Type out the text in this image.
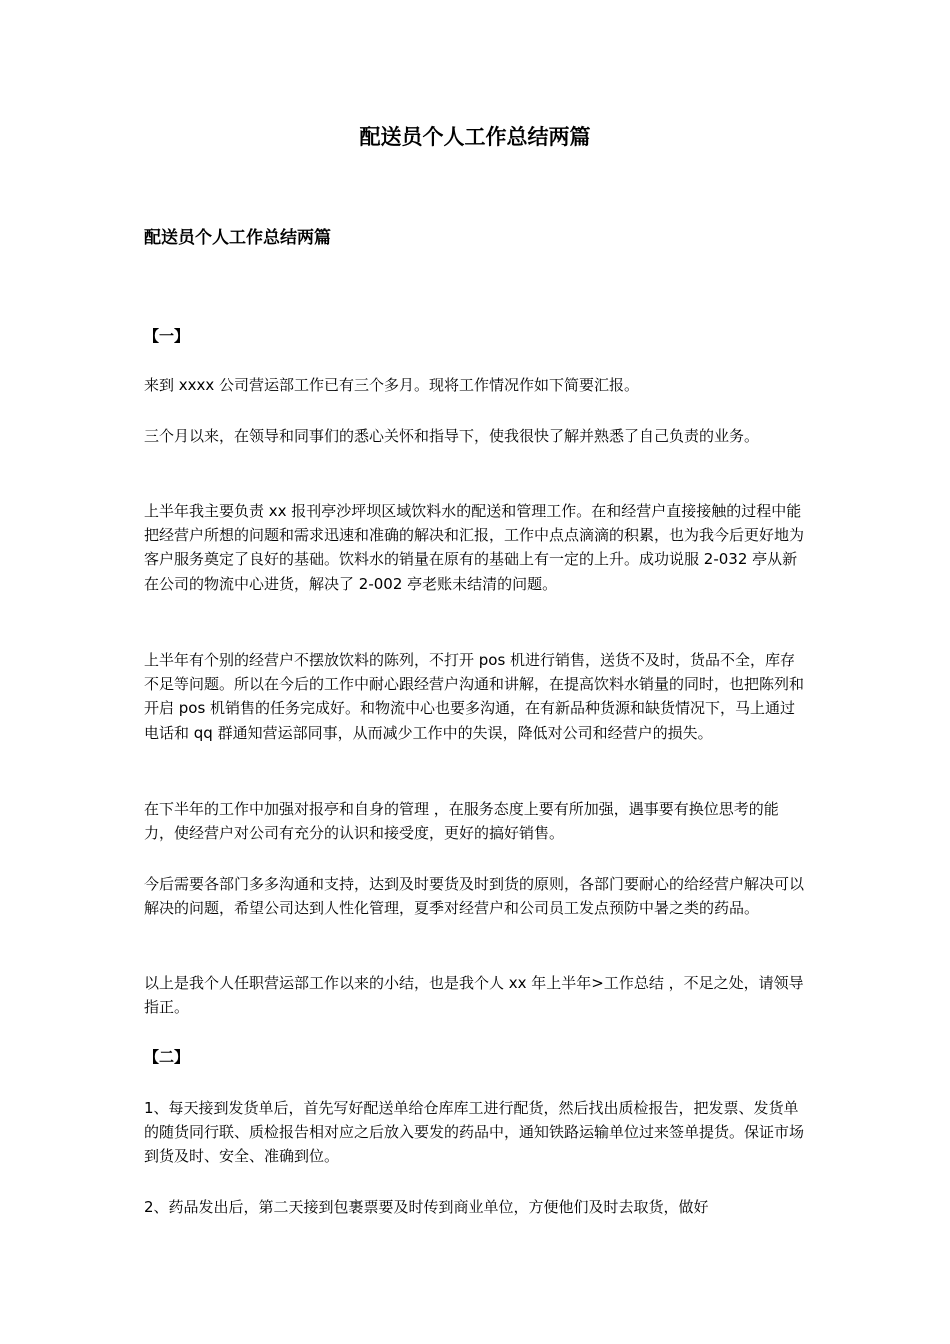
配送员个人工作总结两篇
配送员个人工作总结两篇
【一】

来到 xxxx 公司营运部工作已有三个多月。现将工作情况作如下简要汇报。

三个月以来，在领导和同事们的悉心关怀和指导下，使我很快了解并熟悉了自己负责的业务。

上半年我主要负责 xx 报刊亭沙坪坝区域饮料水的配送和管理工作。在和经营户直接接触的过程中能把经营户所想的问题和需求迅速和准确的解决和汇报，工作中点点滴滴的积累，也为我今后更好地为客户服务奠定了良好的基础。饮料水的销量在原有的基础上有一定的上升。成功说服 2-032 亭从新在公司的物流中心进货，解决了 2-002 亭老账未结清的问题。

上半年有个别的经营户不摆放饮料的陈列，不打开 pos 机进行销售，送货不及时，货品不全，库存不足等问题。所以在今后的工作中耐心跟经营户沟通和讲解，在提高饮料水销量的同时，也把陈列和开启 pos 机销售的任务完成好。和物流中心也要多沟通，在有新品种货源和缺货情况下，马上通过电话和 qq 群通知营运部同事，从而减少工作中的失误，降低对公司和经营户的损失。

在下半年的工作中加强对报亭和自身的管理 ，在服务态度上要有所加强，遇事要有换位思考的能力，使经营户对公司有充分的认识和接受度，更好的搞好销售。

今后需要各部门多多沟通和支持，达到及时要货及时到货的原则，各部门要耐心的给经营户解决可以解决的问题，希望公司达到人性化管理，夏季对经营户和公司员工发点预防中暑之类的药品。

以上是我个人任职营运部工作以来的小结，也是我个人 xx 年上半年>工作总结 ，不足之处，请领导指正。

【二】

1、每天接到发货单后，首先写好配送单给仓库库工进行配货，然后找出质检报告，把发票、发货单的随货同行联、质检报告相对应之后放入要发的药品中，通知铁路运输单位过来签单提货。保证市场到货及时、安全、准确到位。

2、药品发出后，第二天接到包裹票要及时传到商业单位，方便他们及时去取货，做好
